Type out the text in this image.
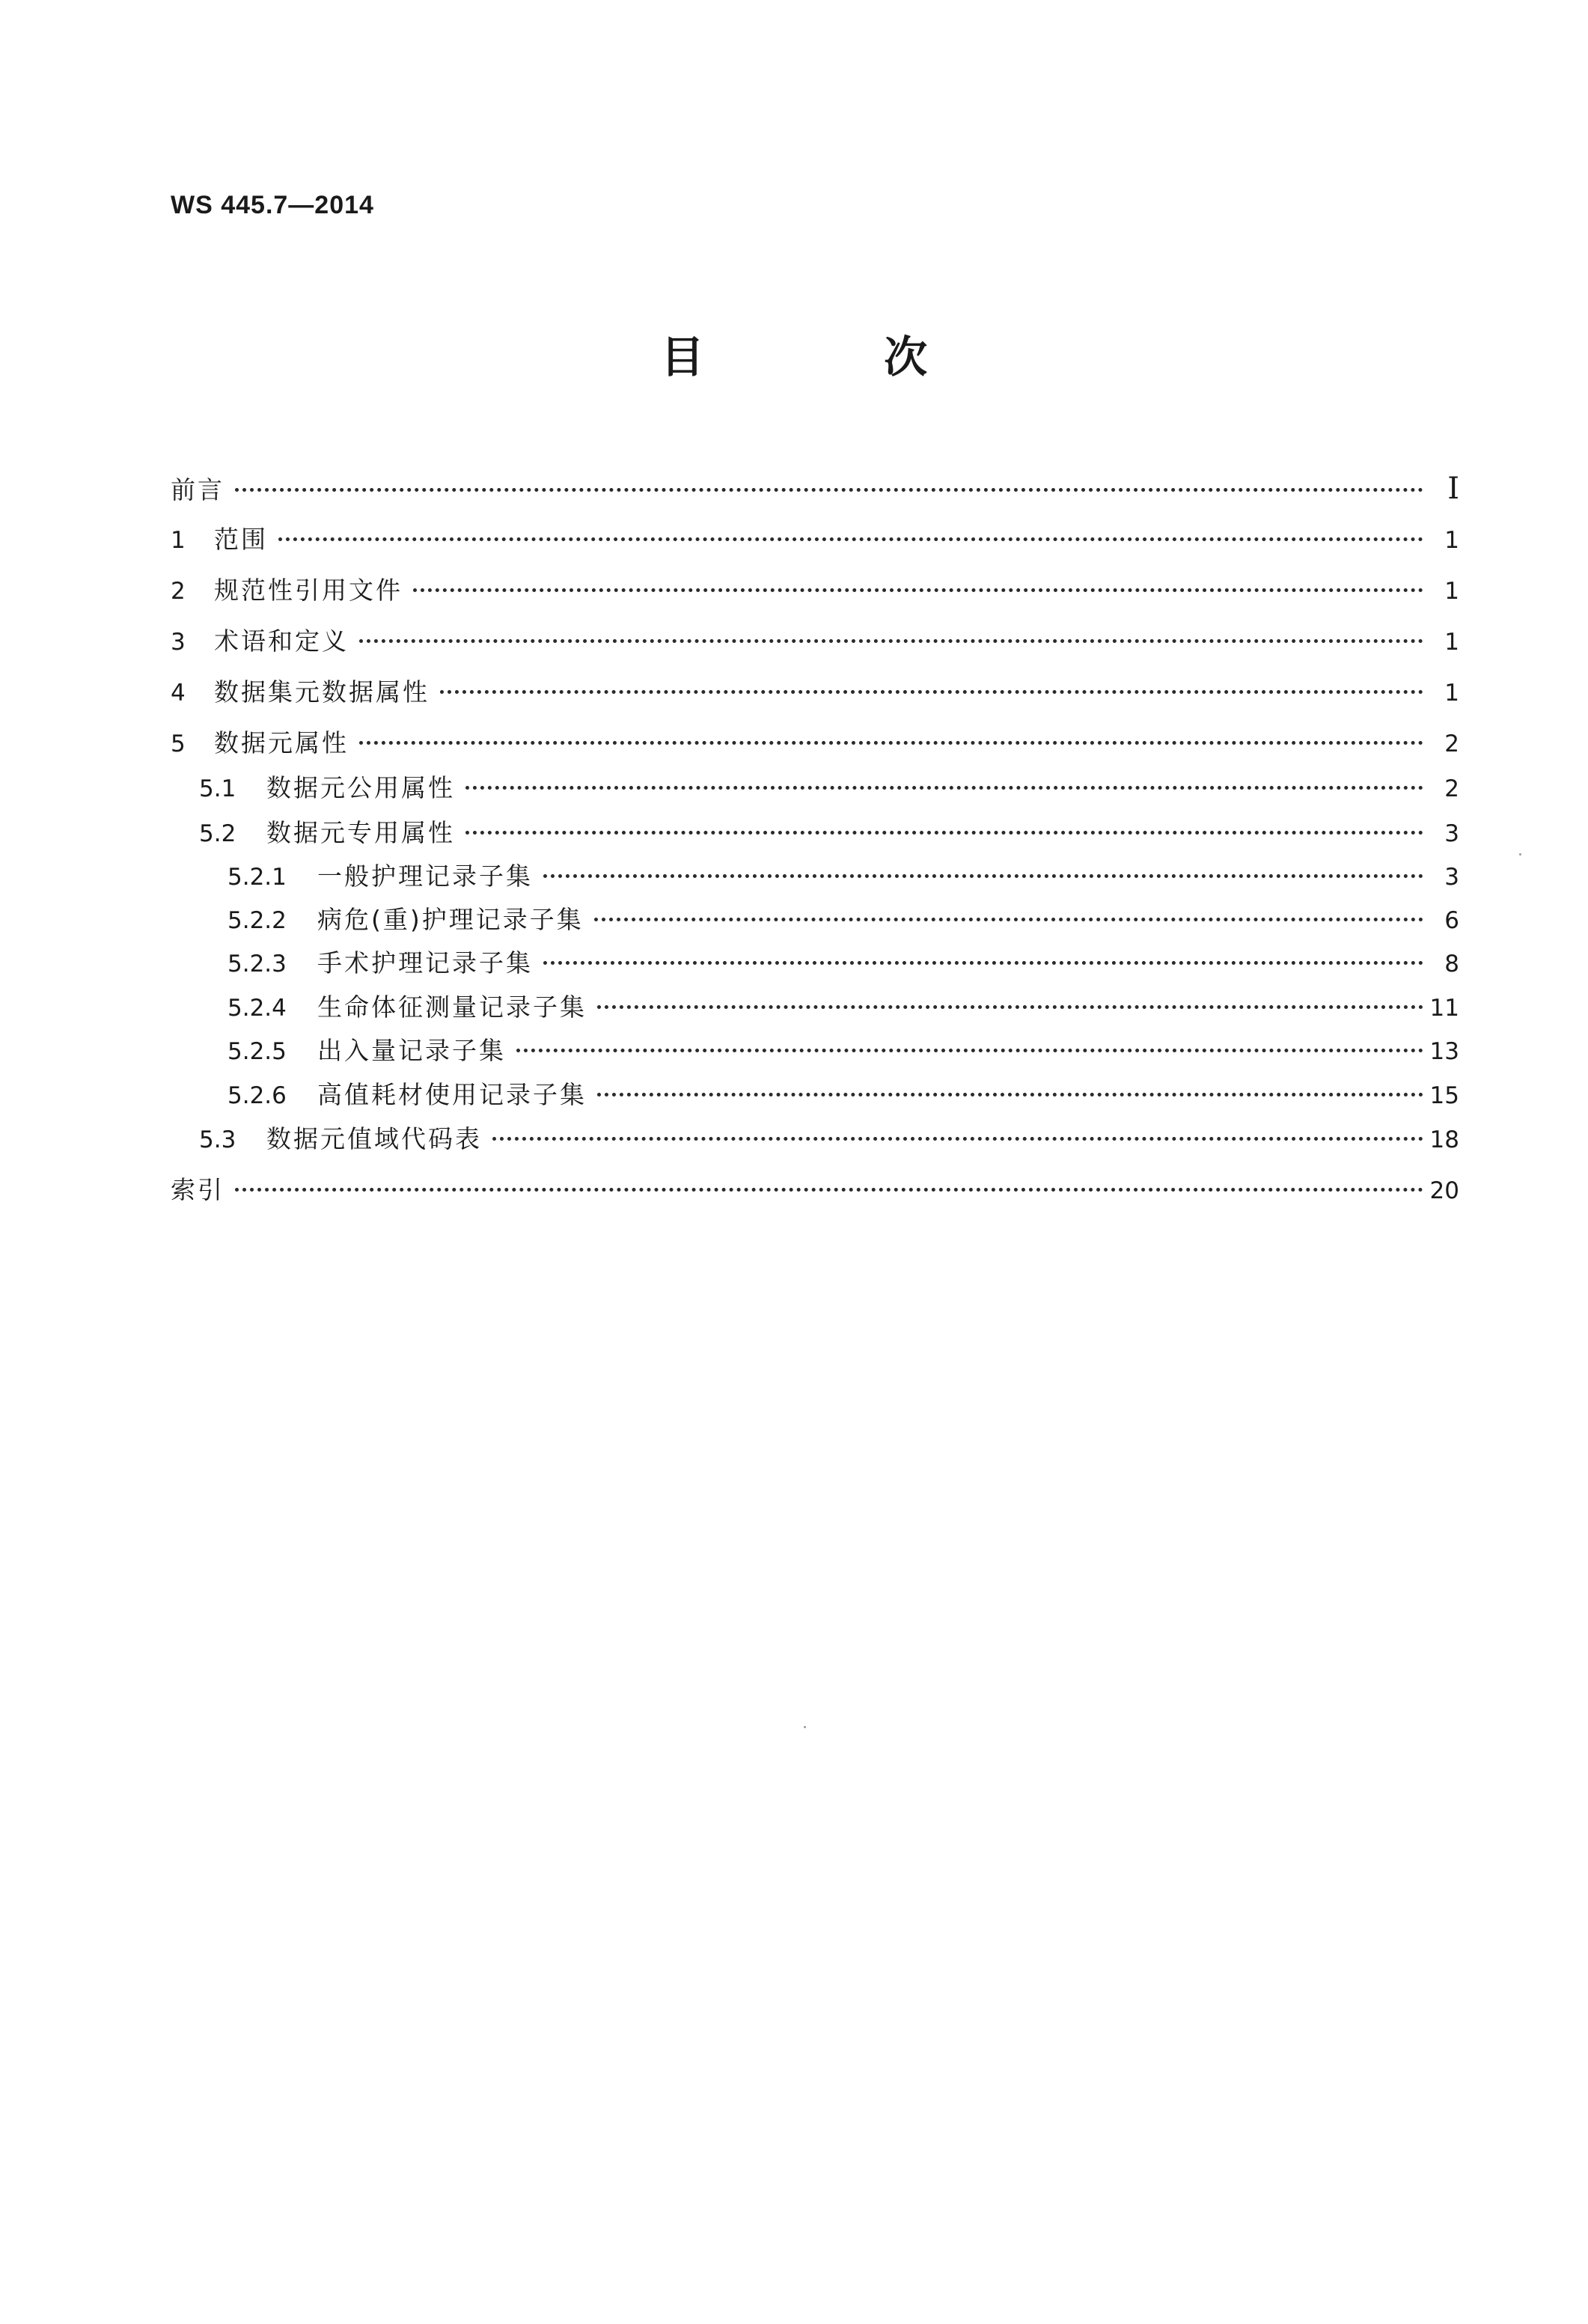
WS 445.7—2014
目 次
前言	I
1	范围	1
2	规范性引用文件	1
3	术语和定义	1
4	数据集元数据属性	1
5	数据元属性	2
5.1	数据元公用属性	2
5.2	数据元专用属性	3
5.2.1	一般护理记录子集	3
5.2.2	病危(重)护理记录子集	6
5.2.3	手术护理记录子集	8
5.2.4	生命体征测量记录子集	11
5.2.5	出入量记录子集	13
5.2.6	高值耗材使用记录子集	15
5.3	数据元值域代码表	18
索引	20
